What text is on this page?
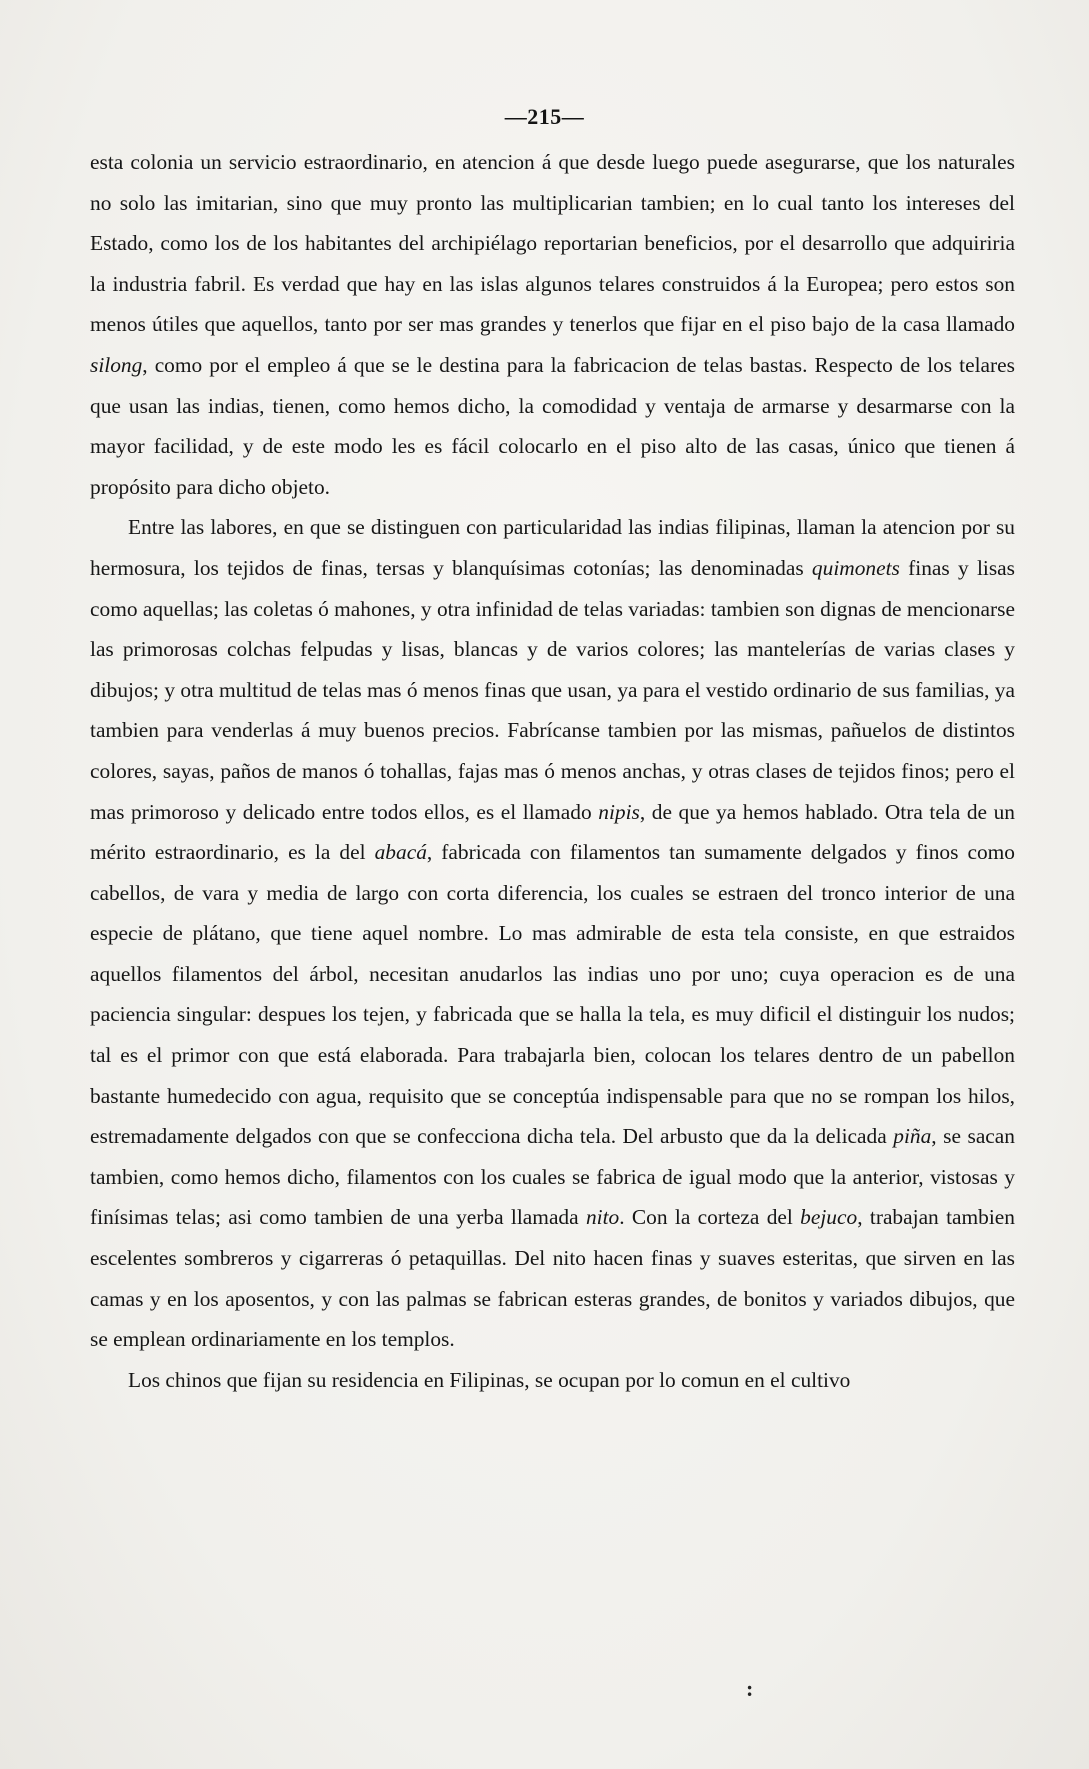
—215—

esta colonia un servicio estraordinario, en atencion á que desde luego puede asegurarse, que los naturales no solo las imitarian, sino que muy pronto las multiplicarian tambien; en lo cual tanto los intereses del Estado, como los de los habitantes del archipiélago reportarian beneficios, por el desarrollo que adquiriria la industria fabril. Es verdad que hay en las islas algunos telares construidos á la Europea; pero estos son menos útiles que aquellos, tanto por ser mas grandes y tenerlos que fijar en el piso bajo de la casa llamado silong, como por el empleo á que se le destina para la fabricacion de telas bastas. Respecto de los telares que usan las indias, tienen, como hemos dicho, la comodidad y ventaja de armarse y desarmarse con la mayor facilidad, y de este modo les es fácil colocarlo en el piso alto de las casas, único que tienen á propósito para dicho objeto.

Entre las labores, en que se distinguen con particularidad las indias filipinas, llaman la atencion por su hermosura, los tejidos de finas, tersas y blanquísimas cotonías; las denominadas quimonets finas y lisas como aquellas; las coletas ó mahones, y otra infinidad de telas variadas: tambien son dignas de mencionarse las primorosas colchas felpudas y lisas, blancas y de varios colores; las mantelerías de varias clases y dibujos; y otra multitud de telas mas ó menos finas que usan, ya para el vestido ordinario de sus familias, ya tambien para venderlas á muy buenos precios. Fabrícanse tambien por las mismas, pañuelos de distintos colores, sayas, paños de manos ó tohallas, fajas mas ó menos anchas, y otras clases de tejidos finos; pero el mas primoroso y delicado entre todos ellos, es el llamado nipis, de que ya hemos hablado. Otra tela de un mérito estraordinario, es la del abacá, fabricada con filamentos tan sumamente delgados y finos como cabellos, de vara y media de largo con corta diferencia, los cuales se estraen del tronco interior de una especie de plátano, que tiene aquel nombre. Lo mas admirable de esta tela consiste, en que estraidos aquellos filamentos del árbol, necesitan anudarlos las indias uno por uno; cuya operacion es de una paciencia singular: despues los tejen, y fabricada que se halla la tela, es muy dificil el distinguir los nudos; tal es el primor con que está elaborada. Para trabajarla bien, colocan los telares dentro de un pabellon bastante humedecido con agua, requisito que se conceptúa indispensable para que no se rompan los hilos, estremadamente delgados con que se confecciona dicha tela. Del arbusto que da la delicada piña, se sacan tambien, como hemos dicho, filamentos con los cuales se fabrica de igual modo que la anterior, vistosas y finísimas telas; asi como tambien de una yerba llamada nito. Con la corteza del bejuco, trabajan tambien escelentes sombreros y cigarreras ó petaquillas. Del nito hacen finas y suaves esteritas, que sirven en las camas y en los aposentos, y con las palmas se fabrican esteras grandes, de bonitos y variados dibujos, que se emplean ordinariamente en los templos.

Los chinos que fijan su residencia en Filipinas, se ocupan por lo comun en el cultivo

:
